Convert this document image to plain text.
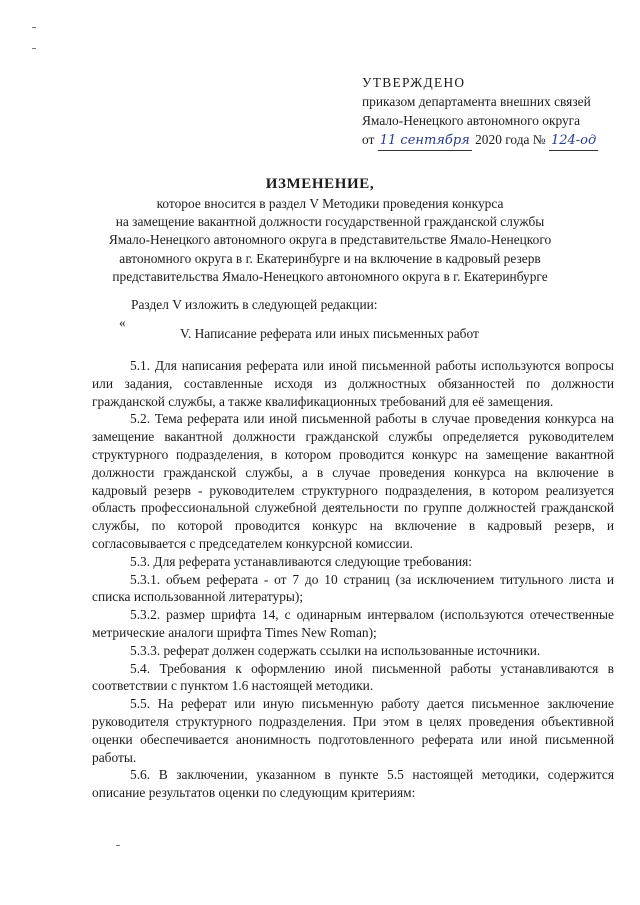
УТВЕРЖДЕНО
приказом департамента внешних связей
Ямало-Ненецкого автономного округа
от 11 сентября 2020 года № 124-од
ИЗМЕНЕНИЕ,
которое вносится в раздел V Методики проведения конкурса
на замещение вакантной должности государственной гражданской службы
Ямало-Ненецкого автономного округа в представительстве Ямало-Ненецкого
автономного округа в г. Екатеринбурге и на включение в кадровый резерв
представительства Ямало-Ненецкого автономного округа в г. Екатеринбурге
Раздел V изложить в следующей редакции:
«
V. Написание реферата или иных письменных работ

5.1. Для написания реферата или иной письменной работы используются вопросы или задания, составленные исходя из должностных обязанностей по должности гражданской службы, а также квалификационных требований для её замещения.

5.2. Тема реферата или иной письменной работы в случае проведения конкурса на замещение вакантной должности гражданской службы определяется руководителем структурного подразделения, в котором проводится конкурс на замещение вакантной должности гражданской службы, а в случае проведения конкурса на включение в кадровый резерв - руководителем структурного подразделения, в котором реализуется область профессиональной служебной деятельности по группе должностей гражданской службы, по которой проводится конкурс на включение в кадровый резерв, и согласовывается с председателем конкурсной комиссии.

5.3. Для реферата устанавливаются следующие требования:

5.3.1. объем реферата - от 7 до 10 страниц (за исключением титульного листа и списка использованной литературы);

5.3.2. размер шрифта 14, с одинарным интервалом (используются отечественные метрические аналоги шрифта Times New Roman);

5.3.3. реферат должен содержать ссылки на использованные источники.

5.4. Требования к оформлению иной письменной работы устанавливаются в соответствии с пунктом 1.6 настоящей методики.

5.5. На реферат или иную письменную работу дается письменное заключение руководителя структурного подразделения. При этом в целях проведения объективной оценки обеспечивается анонимность подготовленного реферата или иной письменной работы.

5.6. В заключении, указанном в пункте 5.5 настоящей методики, содержится описание результатов оценки по следующим критериям:
